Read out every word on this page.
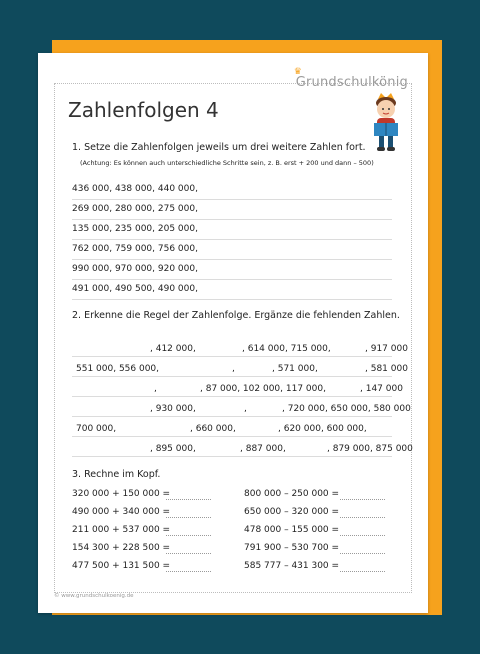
♛
Grundschulkönig
Zahlenfolgen 4
1. Setze die Zahlenfolgen jeweils um drei weitere Zahlen fort.
(Achtung: Es können auch unterschiedliche Schritte sein, z. B. erst + 200 und dann – 500)
436 000, 438 000, 440 000,
269 000, 280 000, 275 000,
135 000, 235 000, 205 000,
762 000, 759 000, 756 000,
990 000, 970 000, 920 000,
491 000, 490 500, 490 000,
2. Erkenne die Regel der Zahlenfolge. Ergänze die fehlenden Zahlen.
, 412 000,	, 614 000, 715 000,	, 917 000
551 000, 556 000,	,	, 571 000,	, 581 000
,	, 87 000, 102 000, 117 000,	, 147 000
, 930 000,	,	, 720 000, 650 000, 580 000
700 000,	, 660 000,	, 620 000, 600 000,
, 895 000,	, 887 000,	, 879 000, 875 000
3. Rechne im Kopf.
320 000 + 150 000 =
490 000 + 340 000 =
211 000 + 537 000 =
154 300 + 228 500 =
477 500 + 131 500 =
800 000 – 250 000 =
650 000 – 320 000 =
478 000 – 155 000 =
791 900 – 530 700 =
585 777 – 431 300 =
© www.grundschulkoenig.de
